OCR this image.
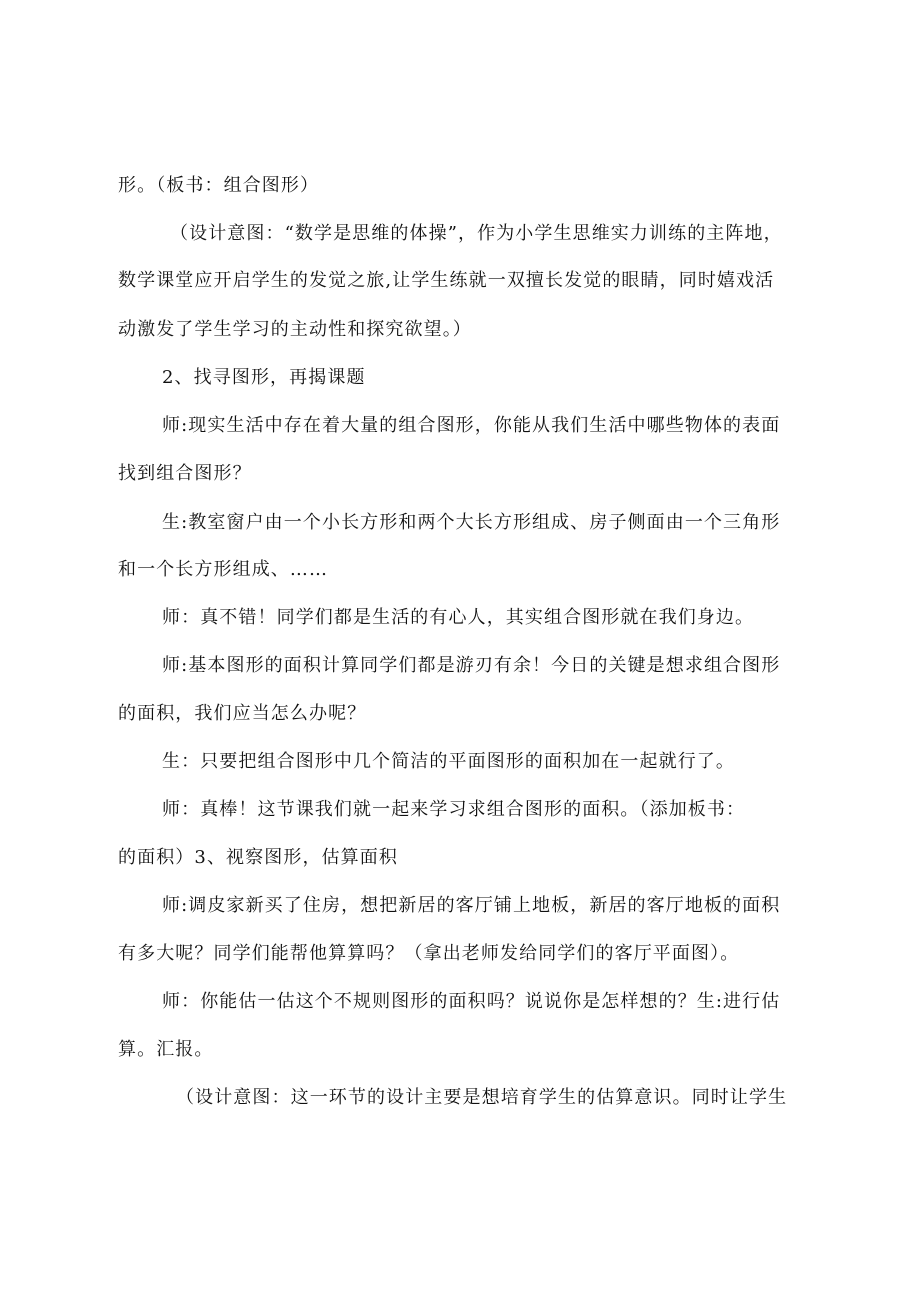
形。（板书：组合图形）
（设计意图：“数学是思维的体操”，作为小学生思维实力训练的主阵地，
数学课堂应开启学生的发觉之旅,让学生练就一双擅长发觉的眼睛，同时嬉戏活
动激发了学生学习的主动性和探究欲望。）
2、找寻图形，再揭课题
师:现实生活中存在着大量的组合图形，你能从我们生活中哪些物体的表面
找到组合图形？
生:教室窗户由一个小长方形和两个大长方形组成、房子侧面由一个三角形
和一个长方形组成、……
师：真不错！同学们都是生活的有心人，其实组合图形就在我们身边。
师:基本图形的面积计算同学们都是游刃有余！今日的关键是想求组合图形
的面积，我们应当怎么办呢？
生：只要把组合图形中几个简洁的平面图形的面积加在一起就行了。
师：真棒！这节课我们就一起来学习求组合图形的面积。（添加板书：
的面积）3、视察图形，估算面积
师:调皮家新买了住房，想把新居的客厅铺上地板，新居的客厅地板的面积
有多大呢？同学们能帮他算算吗？（拿出老师发给同学们的客厅平面图）。
师：你能估一估这个不规则图形的面积吗？说说你是怎样想的？生:进行估
算。汇报。
（设计意图：这一环节的设计主要是想培育学生的估算意识。同时让学生
